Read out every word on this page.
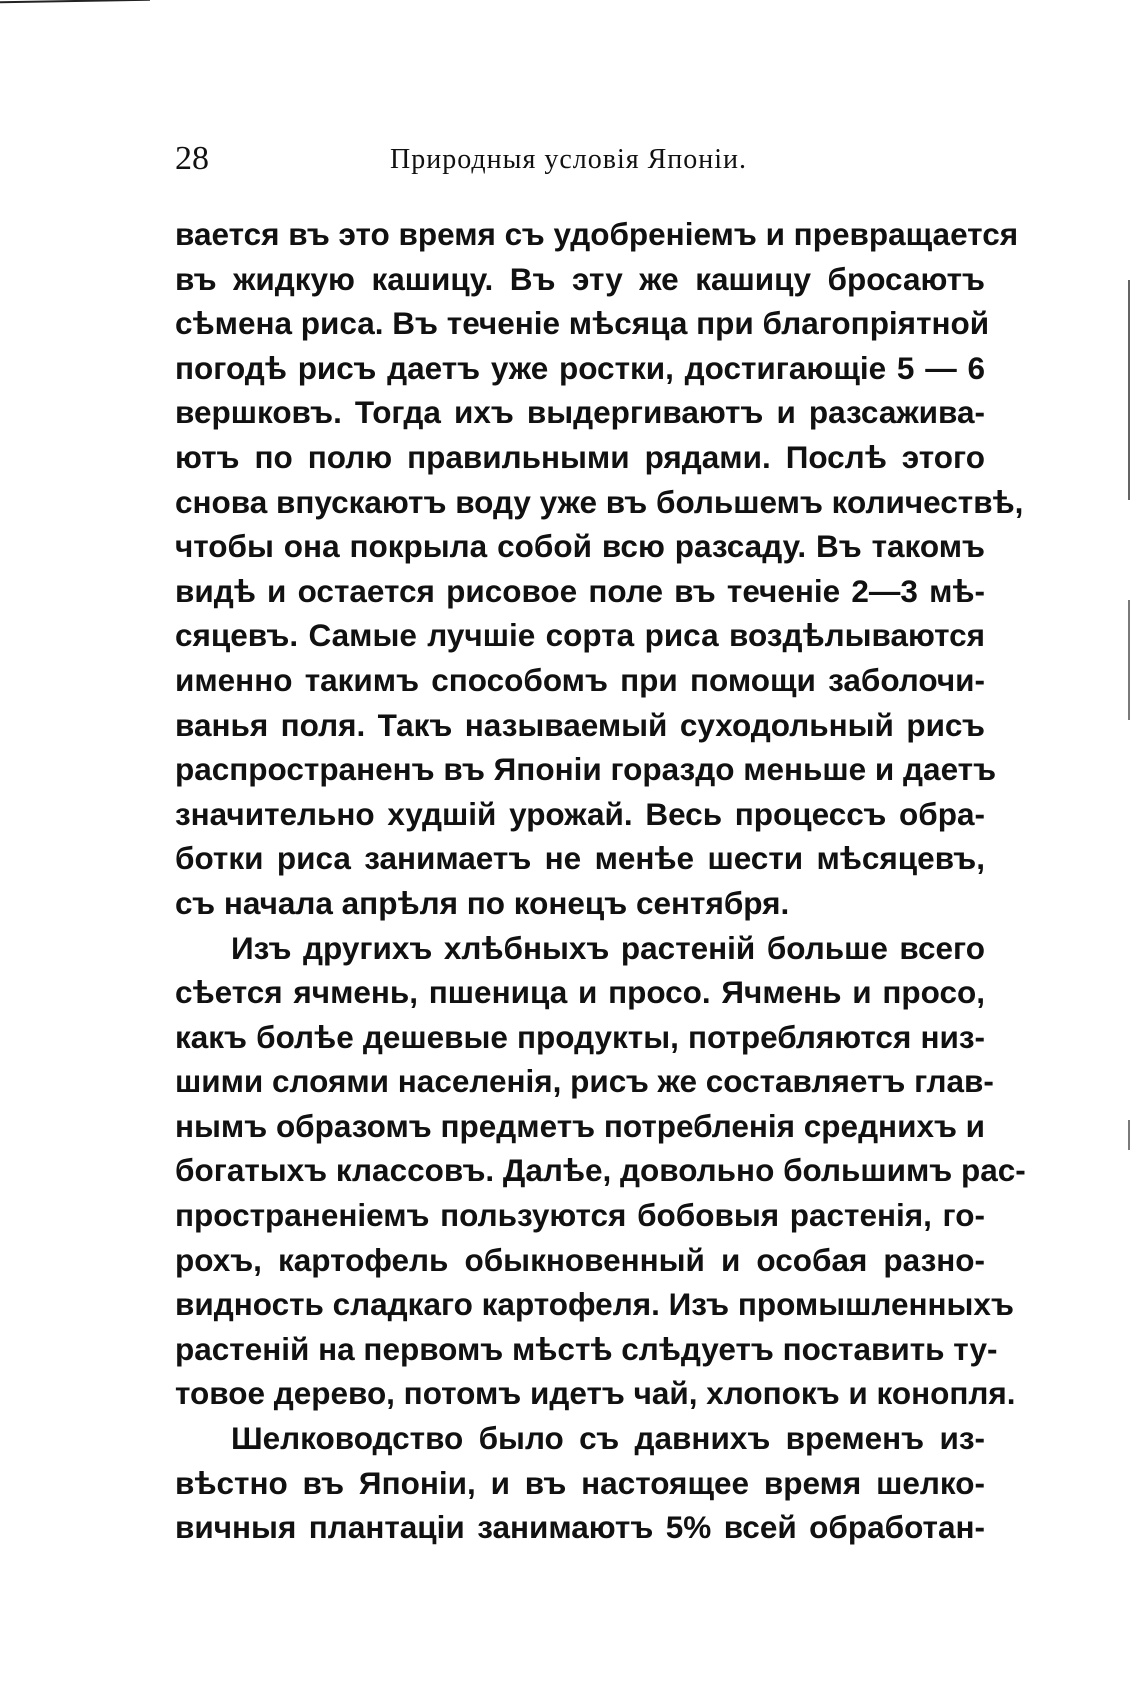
28	Природныя условія Японіи.
вается въ это время съ удобреніемъ и превращается
въ жидкую кашицу. Въ эту же кашицу бросаютъ
сѣмена риса. Въ теченіе мѣсяца при благопріятной
погодѣ рисъ даетъ уже ростки, достигающіе 5 — 6
вершковъ. Тогда ихъ выдергиваютъ и разсажива-
ютъ по полю правильными рядами. Послѣ этого
снова впускаютъ воду уже въ большемъ количествѣ,
чтобы она покрыла собой всю разсаду. Въ такомъ
видѣ и остается рисовое поле въ теченіе 2—3 мѣ-
сяцевъ. Самые лучшіе сорта риса воздѣлываются
именно такимъ способомъ при помощи заболочи-
ванья поля. Такъ называемый суходольный рисъ
распространенъ въ Японіи гораздо меньше и даетъ
значительно худшій урожай. Весь процессъ обра-
ботки риса занимаетъ не менѣе шести мѣсяцевъ,
съ начала апрѣля по конецъ сентября.
Изъ другихъ хлѣбныхъ растеній больше всего
сѣется ячмень, пшеница и просо. Ячмень и просо,
какъ болѣе дешевые продукты, потребляются низ-
шими слоями населенія, рисъ же составляетъ глав-
нымъ образомъ предметъ потребленія среднихъ и
богатыхъ классовъ. Далѣе, довольно большимъ рас-
пространеніемъ пользуются бобовыя растенія, го-
рохъ, картофель обыкновенный и особая разно-
видность сладкаго картофеля. Изъ промышленныхъ
растеній на первомъ мѣстѣ слѣдуетъ поставить ту-
товое дерево, потомъ идетъ чай, хлопокъ и конопля.
Шелководство было съ давнихъ временъ из-
вѣстно въ Японіи, и въ настоящее время шелко-
вичныя плантаціи занимаютъ 5% всей обработан-
